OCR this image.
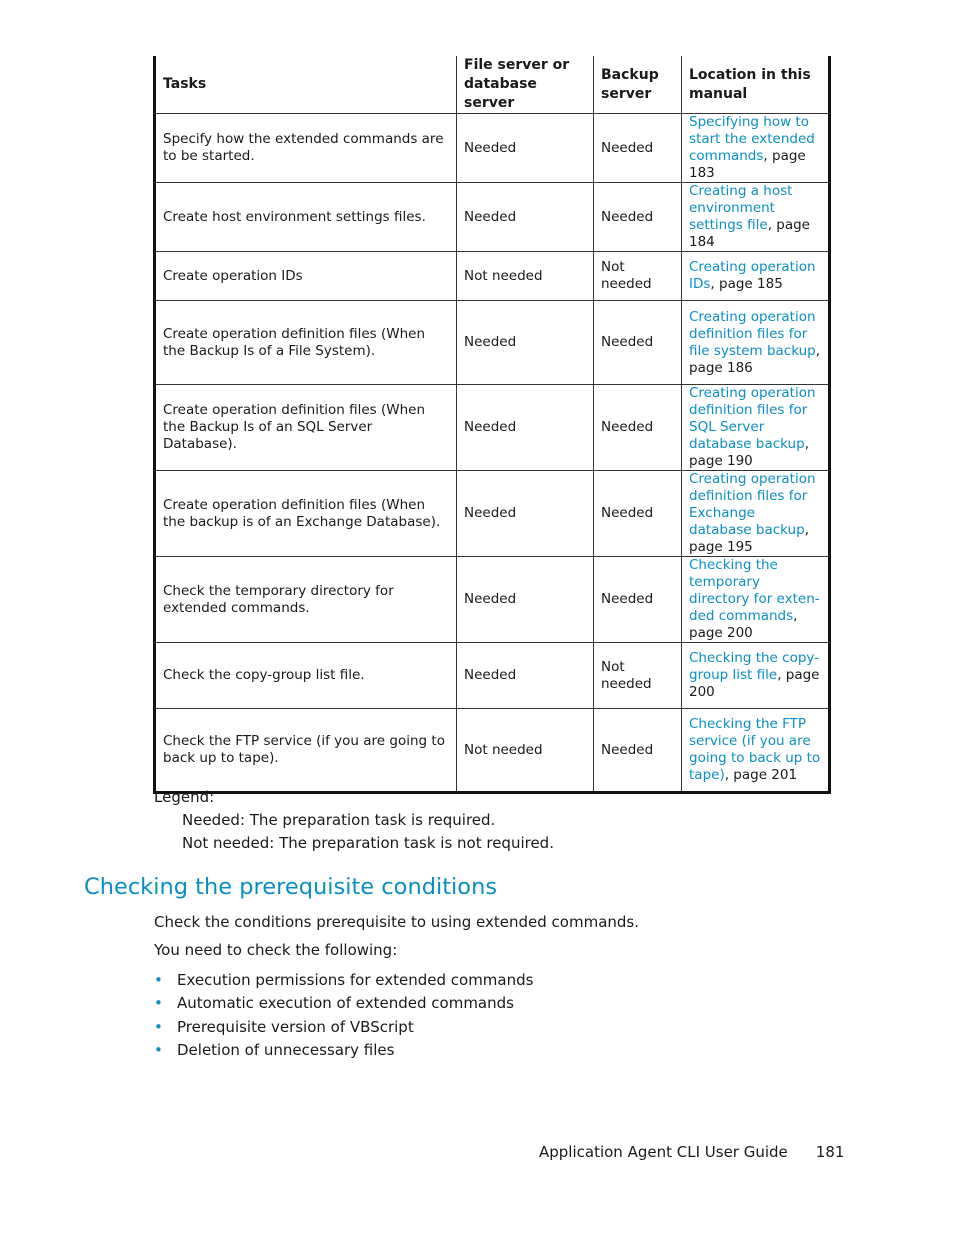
Tasks	File server or database server	Backup server	Location in this manual
Specify how the extended commands are to be started.	Needed	Needed	Specifying how to start the extended commands, page 183
Create host environment settings files.	Needed	Needed	Creating a host environment settings file, page 184
Create operation IDs	Not needed	Not needed	Creating operation IDs, page 185
Create operation definition files (When the Backup Is of a File System).	Needed	Needed	Creating operation definition files for file system backup, page 186
Create operation definition files (When the Backup Is of an SQL Server Database).	Needed	Needed	Creating operation definition files for SQL Server database backup, page 190
Create operation definition files (When the backup is of an Exchange Database).	Needed	Needed	Creating operation definition files for Exchange database backup, page 195
Check the temporary directory for extended commands.	Needed	Needed	Checking the temporary directory for extended commands, page 200
Check the copy-group list file.	Needed	Not needed	Checking the copy-group list file, page 200
Check the FTP service (if you are going to back up to tape).	Not needed	Needed	Checking the FTP service (if you are going to back up to tape), page 201
Legend:
Needed: The preparation task is required.
Not needed: The preparation task is not required.
Checking the prerequisite conditions

Check the conditions prerequisite to using extended commands.

You need to check the following:

• Execution permissions for extended commands
• Automatic execution of extended commands
• Prerequisite version of VBScript
• Deletion of unnecessary files
Application Agent CLI User Guide 181
